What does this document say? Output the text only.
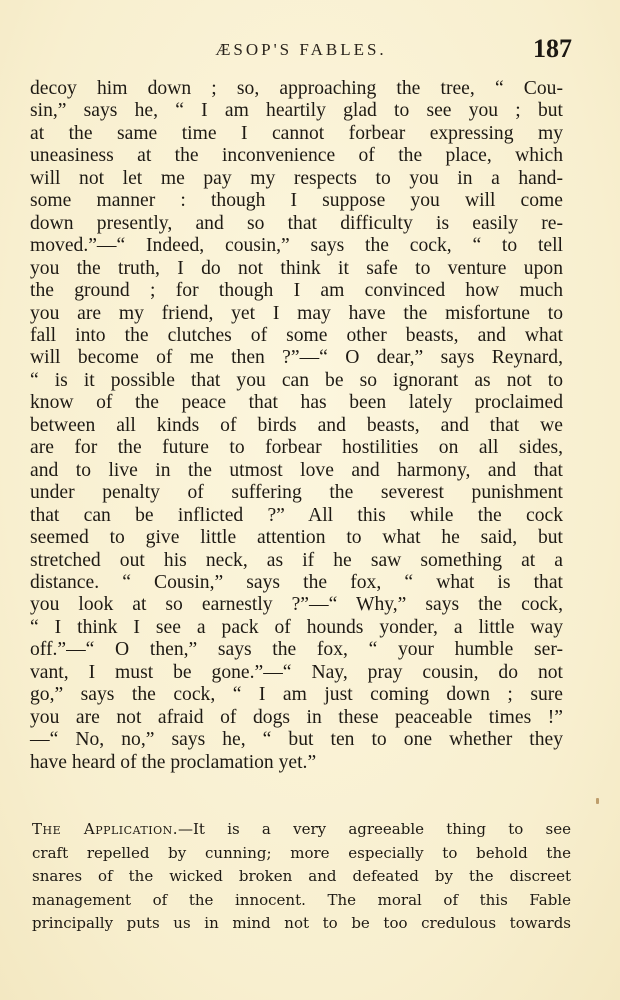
ÆSOP'S FABLES.	187
decoy him down ; so, approaching the tree, “ Cou-
sin,” says he, “ I am heartily glad to see you ; but
at the same time I cannot forbear expressing my
uneasiness at the inconvenience of the place, which
will not let me pay my respects to you in a hand-
some manner : though I suppose you will come
down presently, and so that difficulty is easily re-
moved.”—“ Indeed, cousin,” says the cock, “ to tell
you the truth, I do not think it safe to venture upon
the ground ; for though I am convinced how much
you are my friend, yet I may have the misfortune to
fall into the clutches of some other beasts, and what
will become of me then ?”—“ O dear,” says Reynard,
“ is it possible that you can be so ignorant as not to
know of the peace that has been lately proclaimed
between all kinds of birds and beasts, and that we
are for the future to forbear hostilities on all sides,
and to live in the utmost love and harmony, and that
under penalty of suffering the severest punishment
that can be inflicted ?” All this while the cock
seemed to give little attention to what he said, but
stretched out his neck, as if he saw something at a
distance. “ Cousin,” says the fox, “ what is that
you look at so earnestly ?”—“ Why,” says the cock,
“ I think I see a pack of hounds yonder, a little way
off.”—“ O then,” says the fox, “ your humble ser-
vant, I must be gone.”—“ Nay, pray cousin, do not
go,” says the cock, “ I am just coming down ; sure
you are not afraid of dogs in these peaceable times !”
—“ No, no,” says he, “ but ten to one whether they
have heard of the proclamation yet.”
The Application.—It is a very agreeable thing to see
craft repelled by cunning; more especially to behold the
snares of the wicked broken and defeated by the discreet
management of the innocent. The moral of this Fable
principally puts us in mind not to be too credulous towards
